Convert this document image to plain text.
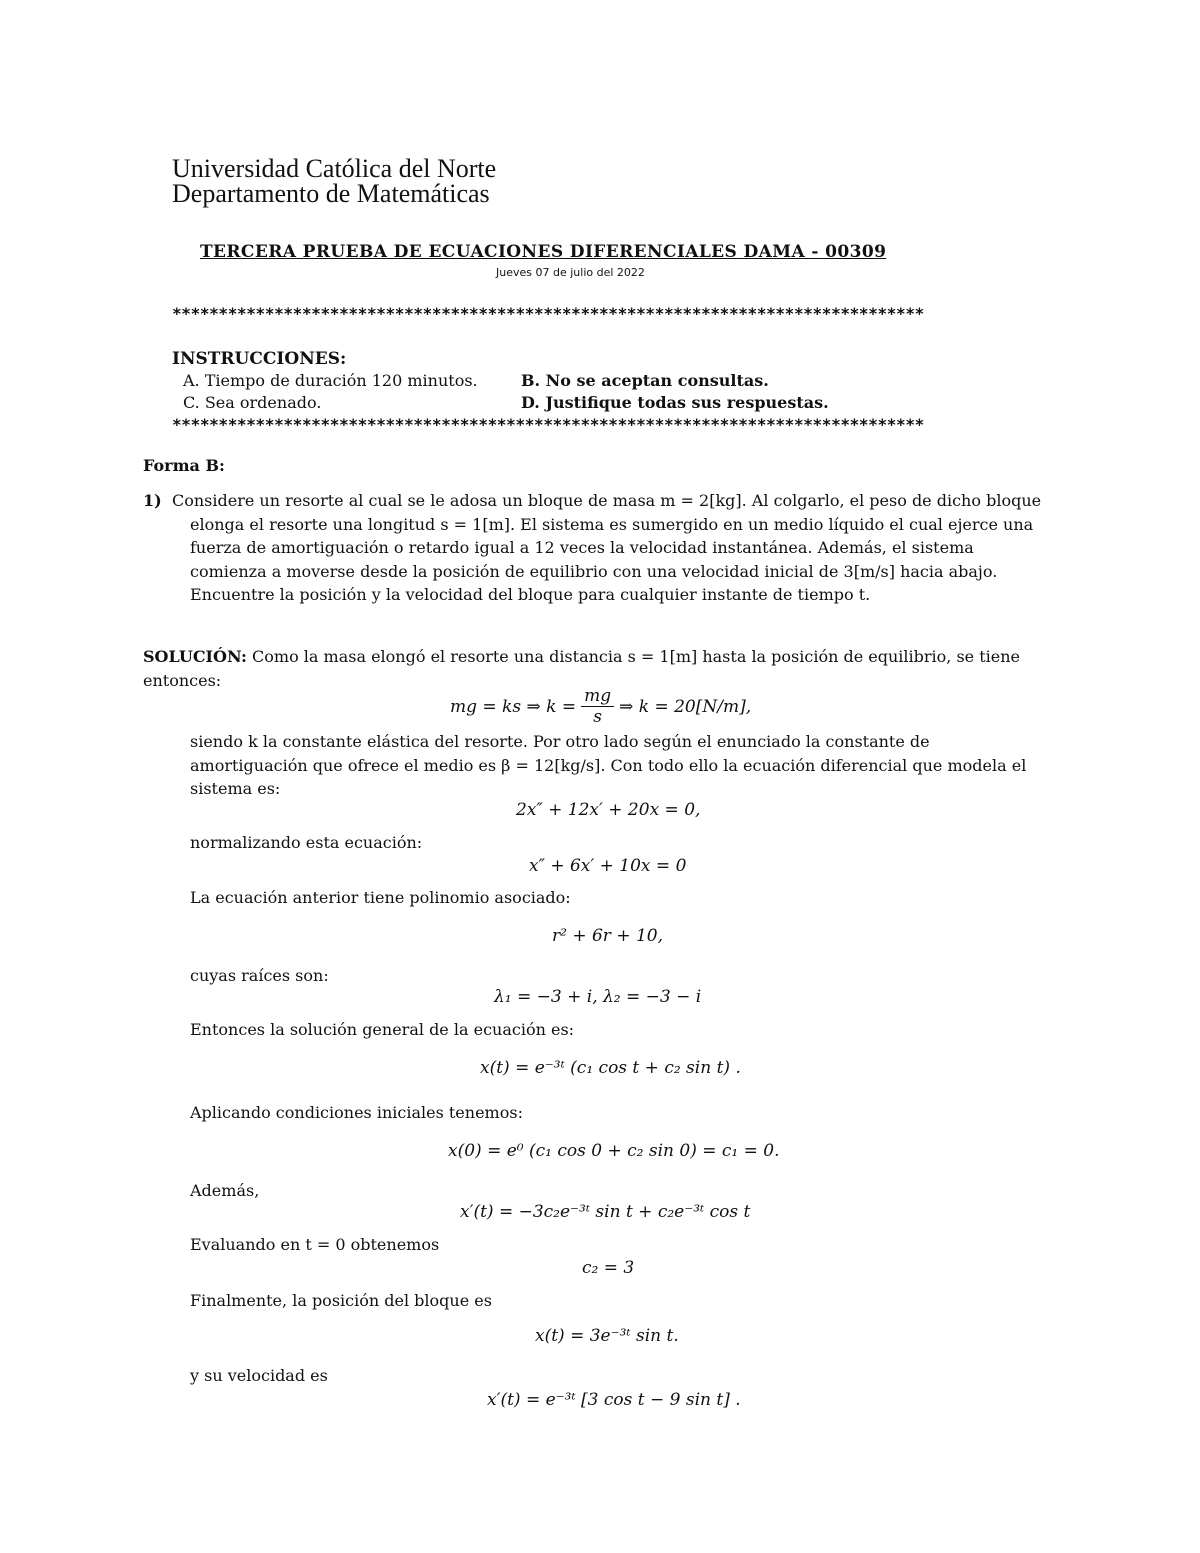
Universidad Católica del Norte
Departamento de Matemáticas
TERCERA PRUEBA DE ECUACIONES DIFERENCIALES DAMA - 00309
Jueves 07 de julio del 2022
*********************************************************************************
INSTRUCCIONES:
A. Tiempo de duración 120 minutos.	B. No se aceptan consultas.
C. Sea ordenado.	D. Justifique todas sus respuestas.
*********************************************************************************
Forma B:
1) Considere un resorte al cual se le adosa un bloque de masa m = 2[kg]. Al colgarlo, el peso de dicho bloque elonga el resorte una longitud s = 1[m]. El sistema es sumergido en un medio líquido el cual ejerce una fuerza de amortiguación o retardo igual a 12 veces la velocidad instantánea. Además, el sistema comienza a moverse desde la posición de equilibrio con una velocidad inicial de 3[m/s] hacia abajo. Encuentre la posición y la velocidad del bloque para cualquier instante de tiempo t.
SOLUCIÓN: Como la masa elongó el resorte una distancia s = 1[m] hasta la posición de equilibrio, se tiene entonces:
mg = ks ⇒ $k = \frac{mg}{s}$ ⇒ k = 20[N/m],
siendo k la constante elástica del resorte. Por otro lado según el enunciado la constante de amortiguación que ofrece el medio es β = 12[kg/s]. Con todo ello la ecuación diferencial que modela el sistema es:
2x″ + 12x′ + 20x = 0,
normalizando esta ecuación:
x″ + 6x′ + 10x = 0
La ecuación anterior tiene polinomio asociado:
r² + 6r + 10,
cuyas raíces son:
λ₁ = −3 + i, λ₂ = −3 − i
Entonces la solución general de la ecuación es:
x(t) = e⁻³ᵗ (c₁ cos t + c₂ sin t) .
Aplicando condiciones iniciales tenemos:
x(0) = e⁰ (c₁ cos 0 + c₂ sin 0) = c₁ = 0.
Además,
x′(t) = −3c₂e⁻³ᵗ sin t + c₂e⁻³ᵗ cos t
Evaluando en t = 0 obtenemos
c₂ = 3
Finalmente, la posición del bloque es
x(t) = 3e⁻³ᵗ sin t.
y su velocidad es
x′(t) = e⁻³ᵗ [3 cos t − 9 sin t] .
